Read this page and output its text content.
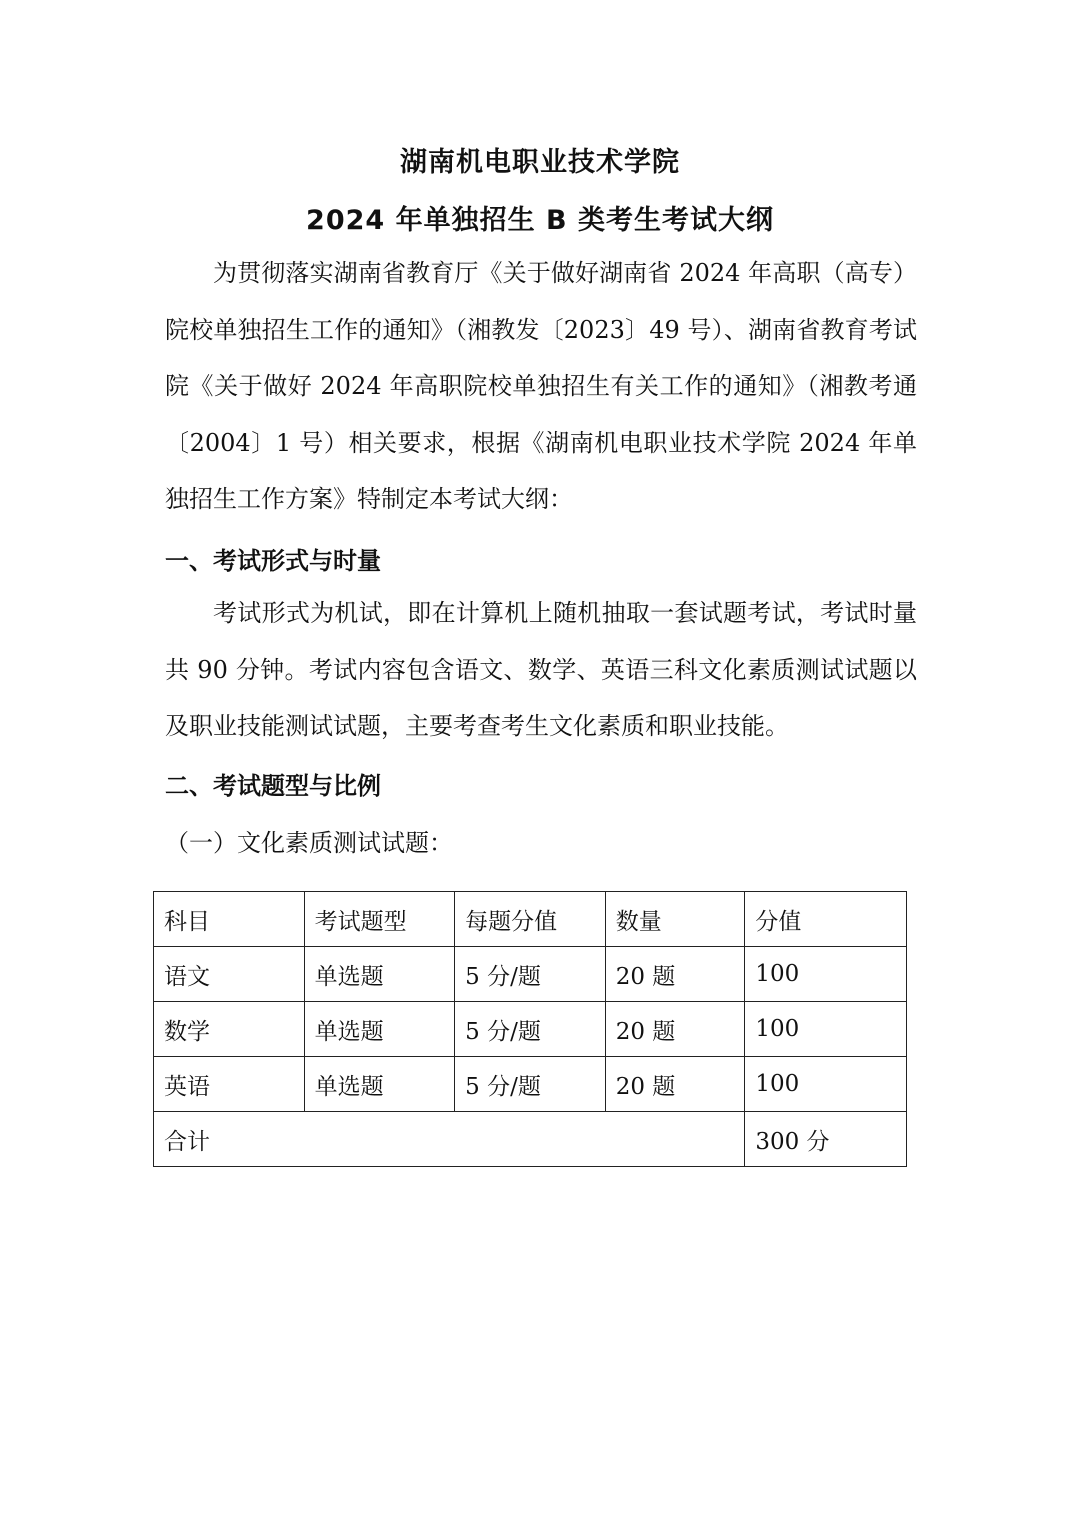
湖南机电职业技术学院
2024 年单独招生 B 类考生考试大纲

为贯彻落实湖南省教育厅《关于做好湖南省 2024 年高职（高专）院校单独招生工作的通知》（湘教发〔2023〕49 号）、湖南省教育考试院《关于做好 2024 年高职院校单独招生有关工作的通知》（湘教考通〔2004〕1 号）相关要求，根据《湖南机电职业技术学院 2024 年单独招生工作方案》特制定本考试大纲：

一、考试形式与时量

考试形式为机试，即在计算机上随机抽取一套试题考试，考试时量共 90 分钟。考试内容包含语文、数学、英语三科文化素质测试试题以及职业技能测试试题，主要考查考生文化素质和职业技能。

二、考试题型与比例
（一）文化素质测试试题：
科目	考试题型	每题分值	数量	分值
语文	单选题	5 分/题	20 题	100
数学	单选题	5 分/题	20 题	100
英语	单选题	5 分/题	20 题	100
合计				300 分
